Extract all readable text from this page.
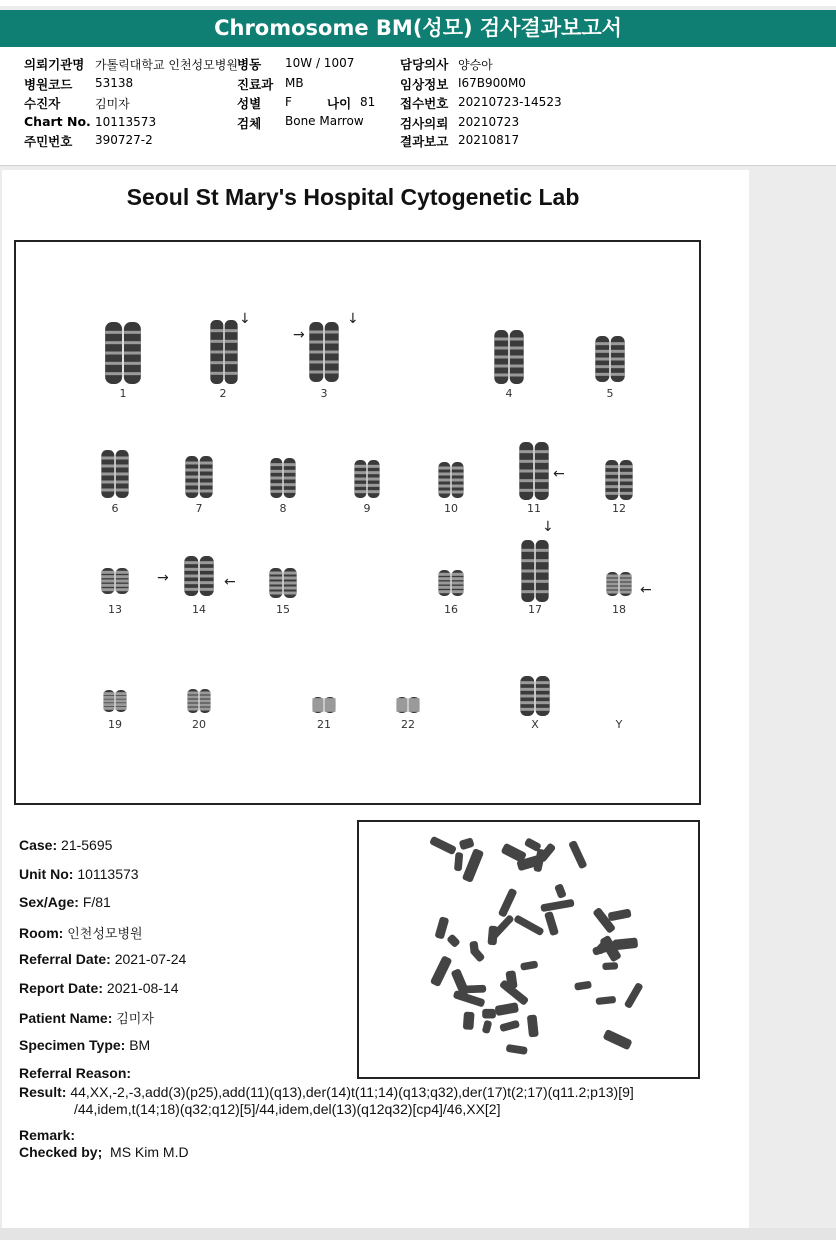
Chromosome BM(성모) 검사결과보고서
의뢰기관명 가톨릭대학교 인천성모병원
병원코드 53138
수진자	김미자
Chart No. 10113573
주민번호 390727-2
병동 10W / 1007
진료과 MB
성별 F	나이 81
검체 Bone Marrow
담당의사 양승아
임상정보 I67B900M0
접수번호 20210723-14523
검사의뢰 20210723
결과보고 20210817
Seoul St Mary's Hospital Cytogenetic Lab
1	2	3	4	5
6	7	8	9	10	11	12
13	14	15	16	17	18
19	20	21	22	X	Y
↓
→
↓
←
↓
→	←	←
Case: 21-5695
Unit No: 10113573
Sex/Age: F/81
Room: 인천성모병원
Referral Date: 2021-07-24
Report Date: 2021-08-14
Patient Name: 김미자
Specimen Type: BM
Referral Reason:
Result: 44,XX,-2,-3,add(3)(p25),add(11)(q13),der(14)t(11;14)(q13;q32),der(17)t(2;17)(q11.2;p13)[9]
/44,idem,t(14;18)(q32;q12)[5]/44,idem,del(13)(q12q32)[cp4]/46,XX[2]
Remark:
Checked by; MS Kim M.D
